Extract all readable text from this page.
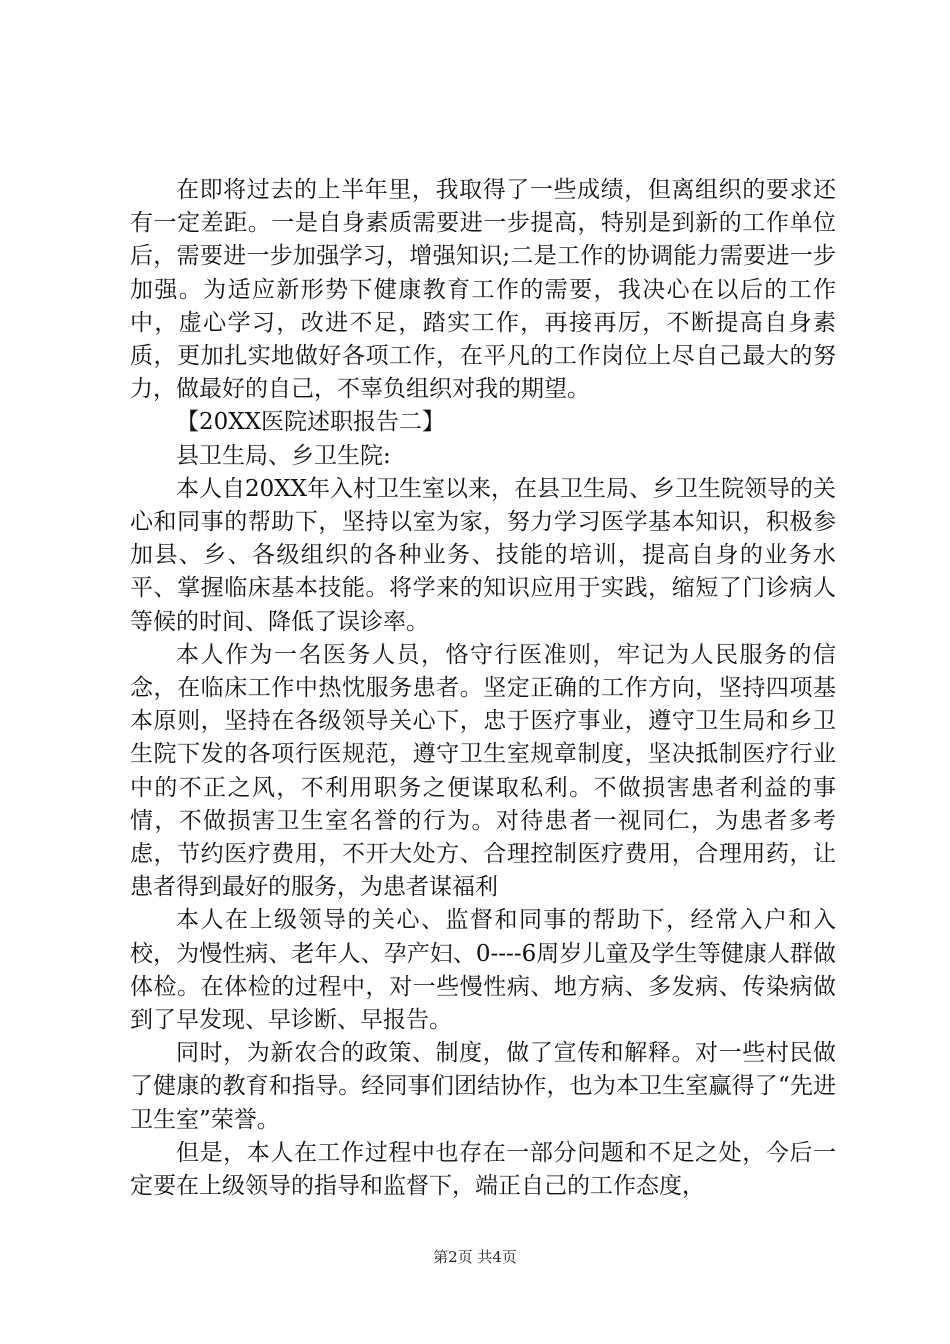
在即将过去的上半年里，我取得了一些成绩，但离组织的要求还有一定差距。一是自身素质需要进一步提高，特别是到新的工作单位后，需要进一步加强学习，增强知识;二是工作的协调能力需要进一步加强。为适应新形势下健康教育工作的需要，我决心在以后的工作中，虚心学习，改进不足，踏实工作，再接再厉，不断提高自身素质，更加扎实地做好各项工作，在平凡的工作岗位上尽自己最大的努力，做最好的自己，不辜负组织对我的期望。

【20XX医院述职报告二】

县卫生局、乡卫生院:

本人自20XX年入村卫生室以来，在县卫生局、乡卫生院领导的关心和同事的帮助下，坚持以室为家，努力学习医学基本知识，积极参加县、乡、各级组织的各种业务、技能的培训，提高自身的业务水平、掌握临床基本技能。将学来的知识应用于实践，缩短了门诊病人等候的时间、降低了误诊率。

本人作为一名医务人员，恪守行医准则，牢记为人民服务的信念，在临床工作中热忱服务患者。坚定正确的工作方向，坚持四项基本原则，坚持在各级领导关心下，忠于医疗事业，遵守卫生局和乡卫生院下发的各项行医规范，遵守卫生室规章制度，坚决抵制医疗行业中的不正之风，不利用职务之便谋取私利。不做损害患者利益的事情，不做损害卫生室名誉的行为。对待患者一视同仁，为患者多考虑，节约医疗费用，不开大处方、合理控制医疗费用，合理用药，让患者得到最好的服务，为患者谋福利

本人在上级领导的关心、监督和同事的帮助下，经常入户和入校，为慢性病、老年人、孕产妇、0----6周岁儿童及学生等健康人群做体检。在体检的过程中，对一些慢性病、地方病、多发病、传染病做到了早发现、早诊断、早报告。

同时，为新农合的政策、制度，做了宣传和解释。对一些村民做了健康的教育和指导。经同事们团结协作，也为本卫生室赢得了“先进卫生室”荣誉。

但是，本人在工作过程中也存在一部分问题和不足之处，今后一定要在上级领导的指导和监督下，端正自己的工作态度，

第2页 共4页
